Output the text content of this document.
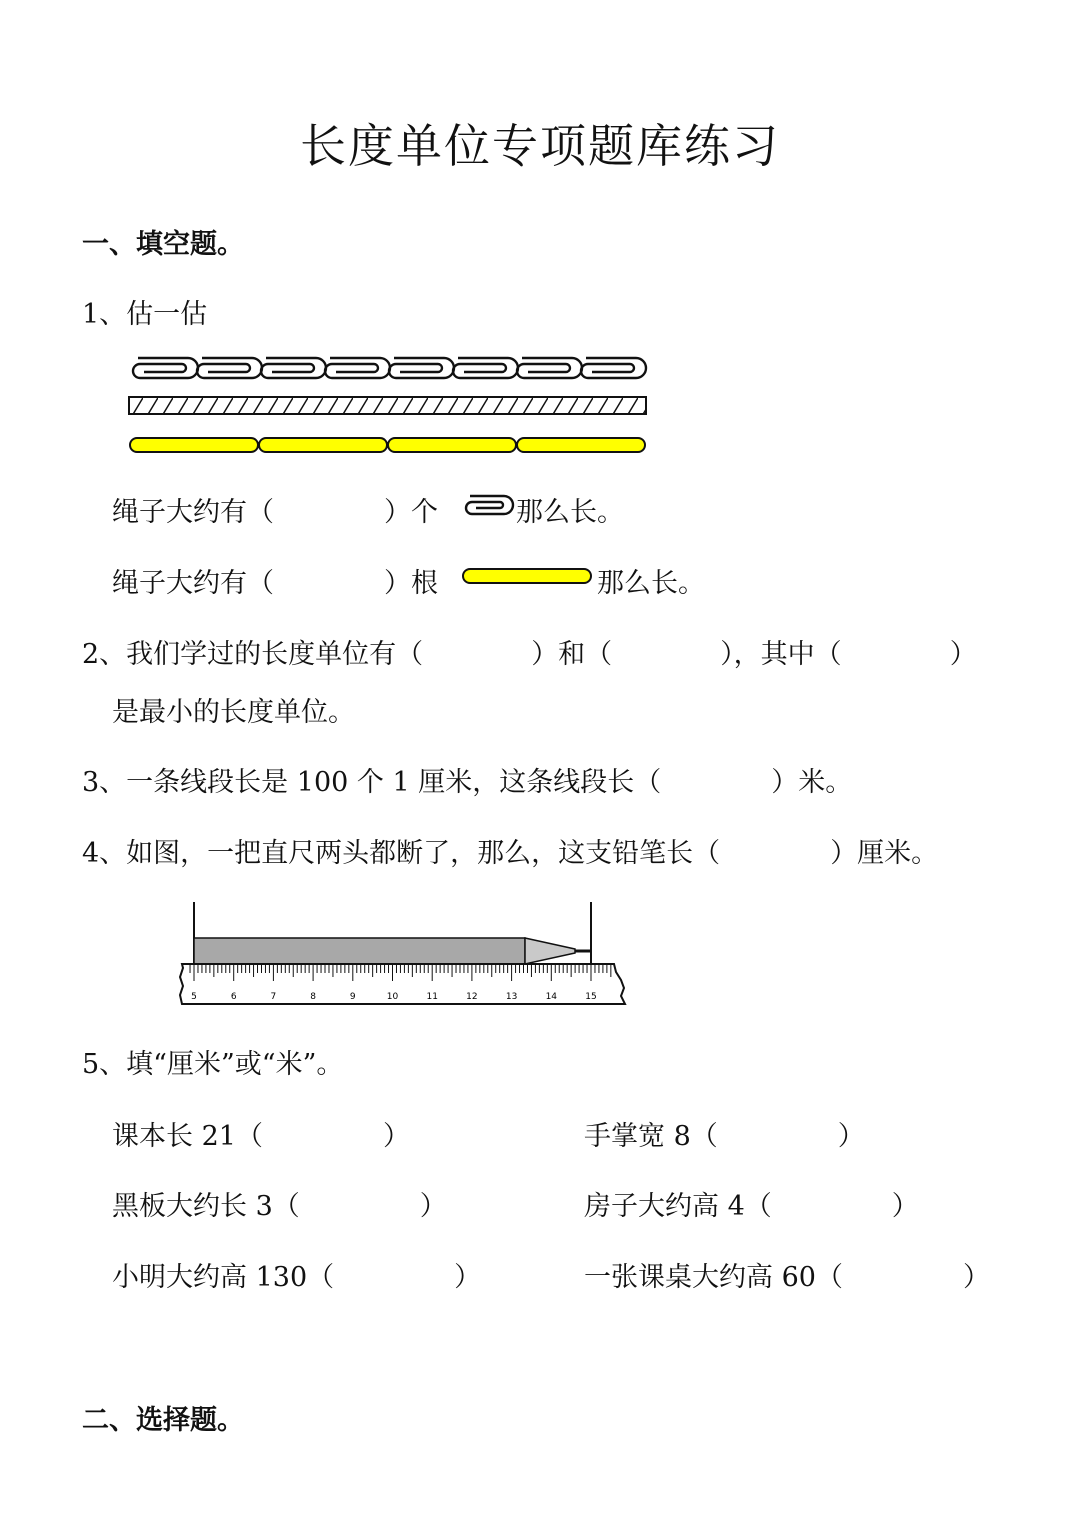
长度单位专项题库练习
一、填空题。
1、估一估
绳子大约有（	）个	那么长。
绳子大约有（	）根	那么长。
2、我们学过的长度单位有（	）和（	），其中（	）
是最小的长度单位。
3、一条线段长是 100 个 1 厘米，这条线段长（	）米。
4、如图，一把直尺两头都断了，那么，这支铅笔长（	）厘米。
5	6	7	8	9	10	11	12	13	14	15
5、填“厘米”或“米”。
课本长 21（	）	手掌宽 8（	）
黑板大约长 3（	）	房子大约高 4（	）
小明大约高 130（	）	一张课桌大约高 60（	）
二、选择题。
